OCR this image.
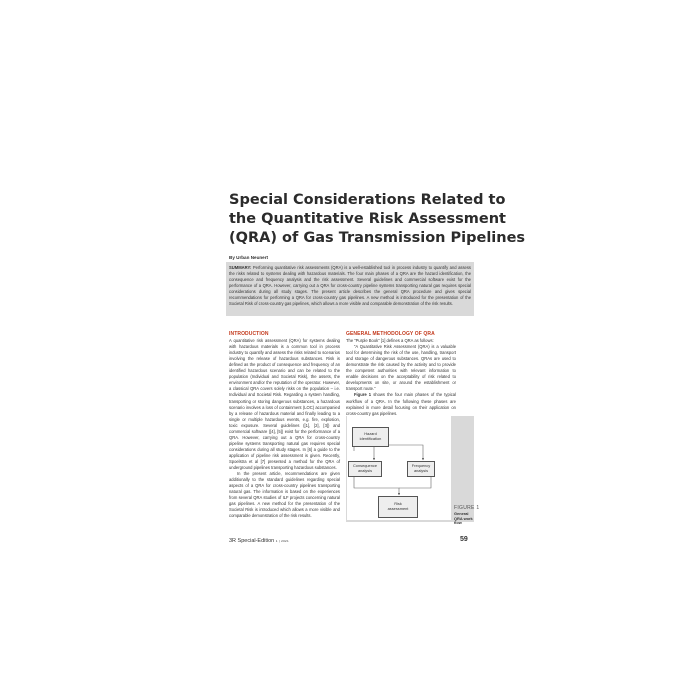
Special Considerations Related to
the Quantitative Risk Assessment
(QRA) of Gas Transmission Pipelines
By Urban Neunert
SUMMARY: Performing quantitative risk assessments (QRA) is a well-established tool in process industry to quantify and assess the risks related to systems dealing with hazardous materials. The four main phases of a QRA are the hazard identification, the consequence and frequency analysis and the risk assessment. Several guidelines and commercial software exist for the performance of a QRA. However, carrying out a QRA for cross-country pipeline systems transporting natural gas requires special considerations during all study stages. The present article describes the general QRA procedure and gives special recommendations for performing a QRA for cross-country gas pipelines. A new method is introduced for the presentation of the Societal Risk of cross-country gas pipelines, which allows a more visible and comparable demonstration of the risk results.
INTRODUCTION

A quantitative risk assessment (QRA) for systems dealing with hazardous materials is a common tool in process industry to quantify and assess the risks related to scenarios involving the release of hazardous substances. Risk is defined as the product of consequence and frequency of an identified hazardous scenario and can be related to the population (Individual and Societal Risk), the assets, the environment and/or the reputation of the operator. However, a classical QRA covers solely risks on the population – i.e. Individual and Societal Risk. Regarding a system handling, transporting or storing dangerous substances, a hazardous scenario involves a loss of containment (LOC) accompanied by a release of hazardous material and finally leading to a single or multiple hazardous events, e.g. fire, explosion, toxic exposure. Several guidelines ([1], [2], [3]) and commercial software ([4], [5]) exist for the performance of a QRA. However, carrying out a QRA for cross-country pipeline systems transporting natural gas requires special considerations during all study stages. In [6] a guide to the application of pipeline risk assessment is given. Recently, Spoelstra et al [7] presented a method for the QRA of underground pipelines transporting hazardous substances.

In the present article, recommendations are given additionally to the standard guidelines regarding special aspects of a QRA for cross-country pipelines transporting natural gas. The information is based on the experiences from several QRA studies of ILF projects concerning natural gas pipelines. A new method for the presentation of the Societal Risk is introduced which allows a more visible and comparable demonstration of the risk results.

GENERAL METHODOLOGY OF QRA

The “Purple Book” [1] defines a QRA as follows:

“A Quantitative Risk Assessment (QRA) is a valuable tool for determining the risk of the use, handling, transport and storage of dangerous substances. QRAs are used to demonstrate the risk caused by the activity and to provide the competent authorities with relevant information to enable decisions on the acceptability of risk related to developments on site, or around the establishment or transport route.”

Figure 1 shows the four main phases of the typical workflow of a QRA. In the following these phases are explained in more detail focusing on their application on cross-country gas pipelines.

Hazard
identification
Consequence
analysis
Frequency
analysis
Risk
assessment	FIGURE 1
General QRA work flow
3R Special-Edition 1 | 2021	59
